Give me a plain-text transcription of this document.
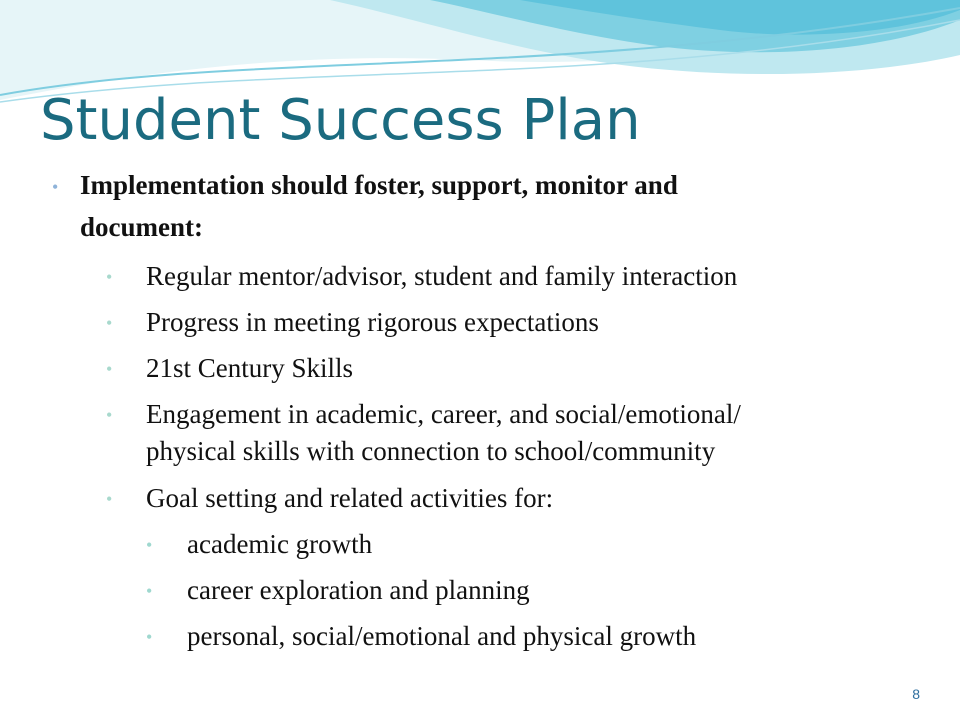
Student Success Plan
• Implementation should foster, support, monitor and
document:
• Regular mentor/advisor, student and family interaction
• Progress in meeting rigorous expectations
• 21st Century Skills
• Engagement in academic, career, and social/emotional/
physical skills with connection to school/community
• Goal setting and related activities for:
• academic growth
• career exploration and planning
• personal, social/emotional and physical growth
8
